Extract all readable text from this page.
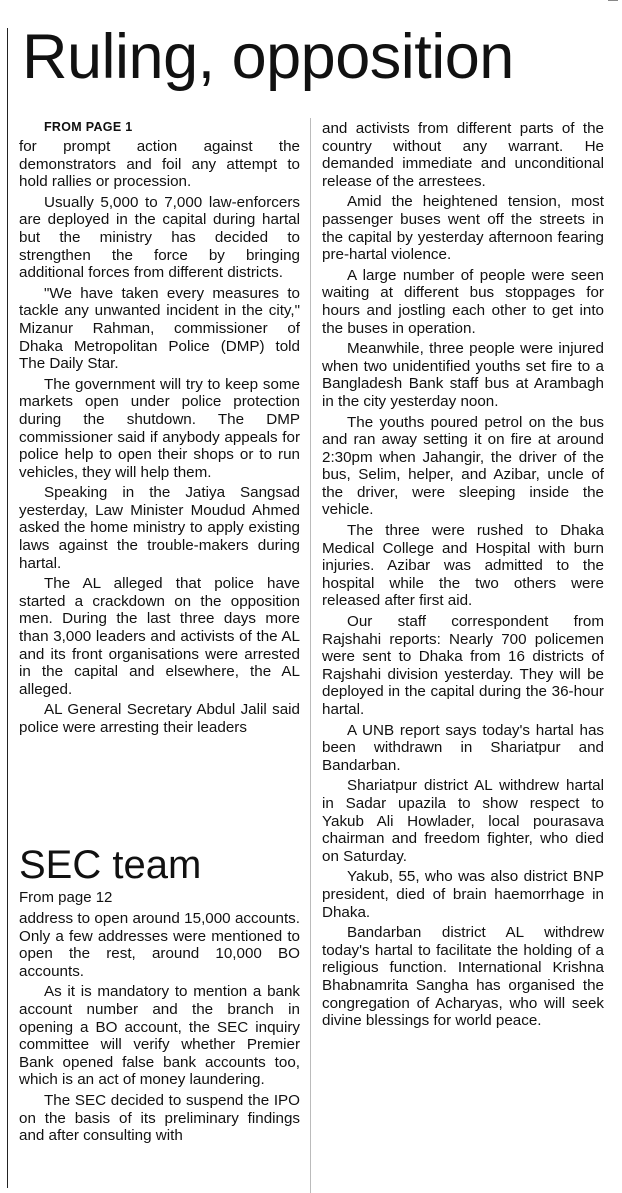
Ruling, opposition

FROM PAGE 1

for prompt action against the demonstrators and foil any attempt to hold rallies or procession.

Usually 5,000 to 7,000 law-enforcers are deployed in the capital during hartal but the ministry has decided to strengthen the force by bringing additional forces from different districts.

"We have taken every measures to tackle any unwanted incident in the city," Mizanur Rahman, commissioner of Dhaka Metropolitan Police (DMP) told The Daily Star.

The government will try to keep some markets open under police protection during the shutdown. The DMP commissioner said if anybody appeals for police help to open their shops or to run vehicles, they will help them.

Speaking in the Jatiya Sangsad yesterday, Law Minister Moudud Ahmed asked the home ministry to apply existing laws against the trouble-makers during hartal.

The AL alleged that police have started a crackdown on the opposition men. During the last three days more than 3,000 leaders and activists of the AL and its front organisations were arrested in the capital and elsewhere, the AL alleged.

AL General Secretary Abdul Jalil said police were arresting their leaders

and activists from different parts of the country without any warrant. He demanded immediate and unconditional release of the arrestees.

Amid the heightened tension, most passenger buses went off the streets in the capital by yesterday afternoon fearing pre-hartal violence.

A large number of people were seen waiting at different bus stoppages for hours and jostling each other to get into the buses in operation.

Meanwhile, three people were injured when two unidentified youths set fire to a Bangladesh Bank staff bus at Arambagh in the city yesterday noon.

The youths poured petrol on the bus and ran away setting it on fire at around 2:30pm when Jahangir, the driver of the bus, Selim, helper, and Azibar, uncle of the driver, were sleeping inside the vehicle.

The three were rushed to Dhaka Medical College and Hospital with burn injuries. Azibar was admitted to the hospital while the two others were released after first aid.

Our staff correspondent from Rajshahi reports: Nearly 700 policemen were sent to Dhaka from 16 districts of Rajshahi division yesterday. They will be deployed in the capital during the 36-hour hartal.

A UNB report says today's hartal has been withdrawn in Shariatpur and Bandarban.

Shariatpur district AL withdrew hartal in Sadar upazila to show respect to Yakub Ali Howlader, local pourasava chairman and freedom fighter, who died on Saturday.

Yakub, 55, who was also district BNP president, died of brain haemorrhage in Dhaka.

Bandarban district AL withdrew today's hartal to facilitate the holding of a religious function. International Krishna Bhabnamrita Sangha has organised the congregation of Acharyas, who will seek divine blessings for world peace.

SEC team

From page 12

address to open around 15,000 accounts. Only a few addresses were mentioned to open the rest, around 10,000 BO accounts.

As it is mandatory to mention a bank account number and the branch in opening a BO account, the SEC inquiry committee will verify whether Premier Bank opened false bank accounts too, which is an act of money laundering.

The SEC decided to suspend the IPO on the basis of its preliminary findings and after consulting with
